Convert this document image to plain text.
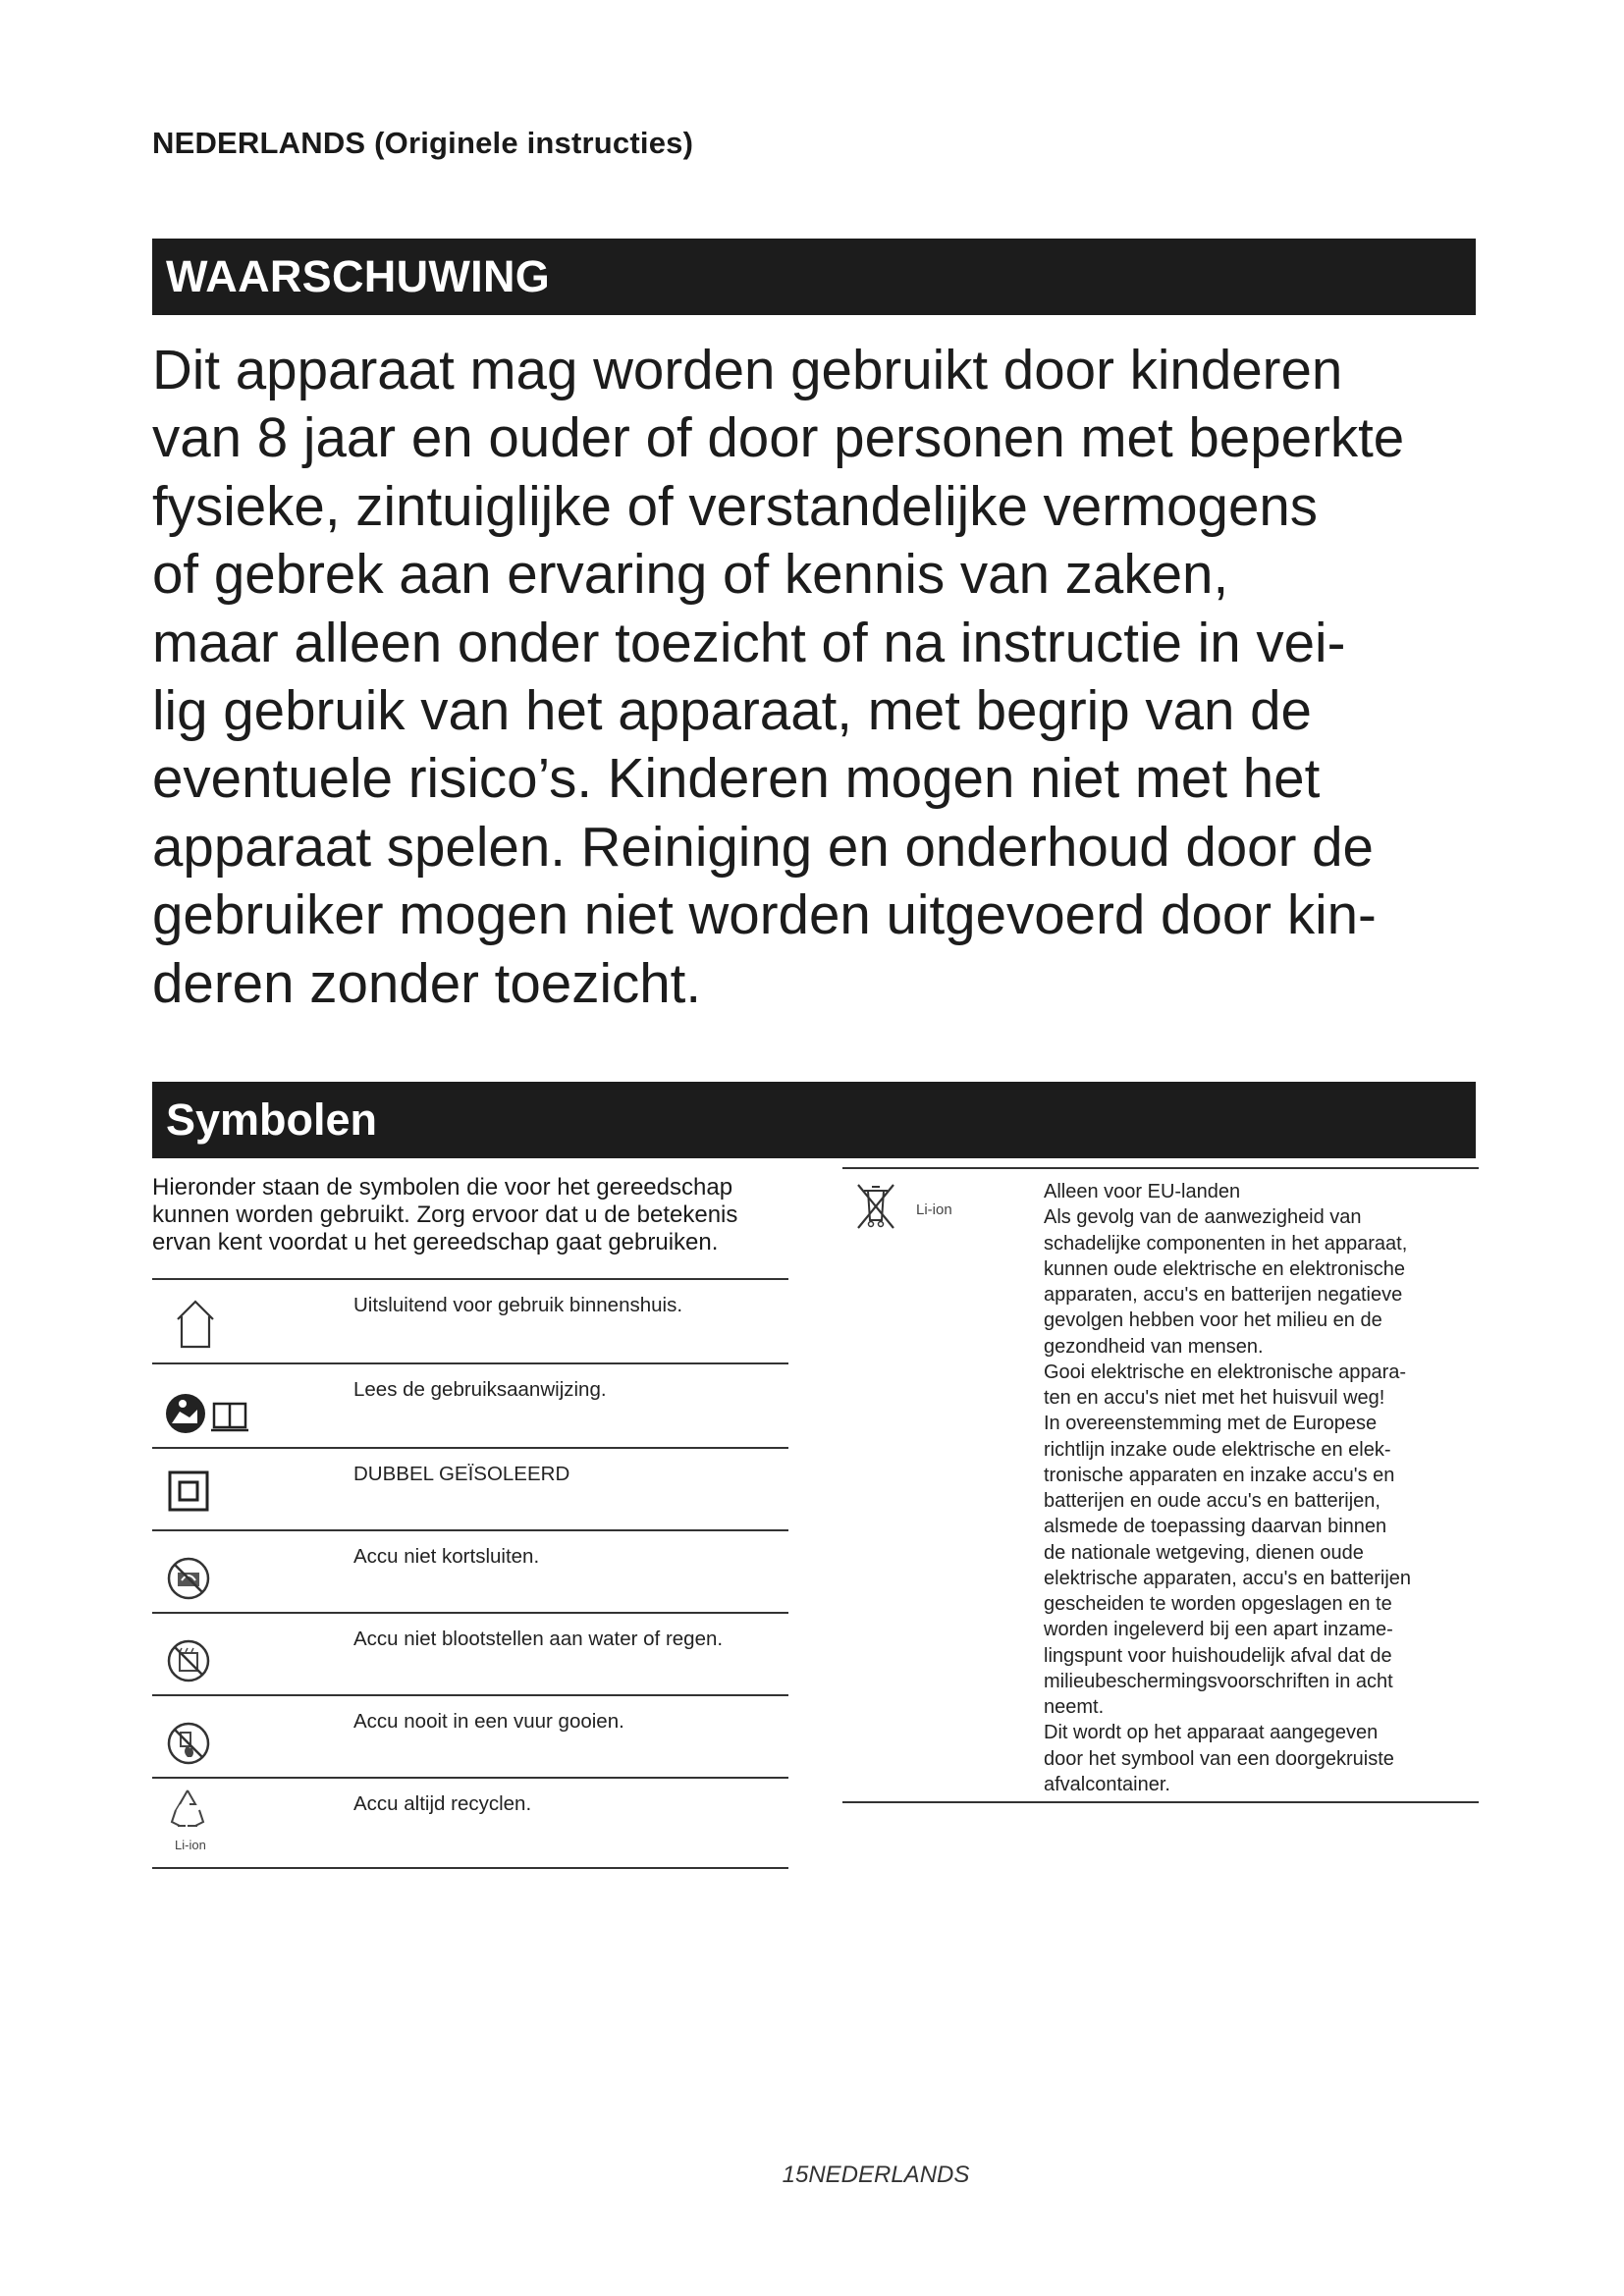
NEDERLANDS (Originele instructies)
WAARSCHUWING
Dit apparaat mag worden gebruikt door kinderen
van 8 jaar en ouder of door personen met beperkte
fysieke, zintuiglijke of verstandelijke vermogens
of gebrek aan ervaring of kennis van zaken,
maar alleen onder toezicht of na instructie in vei-
lig gebruik van het apparaat, met begrip van de
eventuele risico’s. Kinderen mogen niet met het
apparaat spelen. Reiniging en onderhoud door de
gebruiker mogen niet worden uitgevoerd door kin-
deren zonder toezicht.
Symbolen
Hieronder staan de symbolen die voor het gereedschap
kunnen worden gebruikt. Zorg ervoor dat u de betekenis
ervan kent voordat u het gereedschap gaat gebruiken.
Uitsluitend voor gebruik binnenshuis.
Lees de gebruiksaanwijzing.
DUBBEL GEÏSOLEERD
Accu niet kortsluiten.
Accu niet blootstellen aan water of regen.
Accu nooit in een vuur gooien.
Li-ion
Accu altijd recyclen.
Li-ion
Alleen voor EU-landen
Als gevolg van de aanwezigheid van
schadelijke componenten in het apparaat,
kunnen oude elektrische en elektronische
apparaten, accu's en batterijen negatieve
gevolgen hebben voor het milieu en de
gezondheid van mensen.
Gooi elektrische en elektronische appara-
ten en accu's niet met het huisvuil weg!
In overeenstemming met de Europese
richtlijn inzake oude elektrische en elek-
tronische apparaten en inzake accu's en
batterijen en oude accu's en batterijen,
alsmede de toepassing daarvan binnen
de nationale wetgeving, dienen oude
elektrische apparaten, accu's en batterijen
gescheiden te worden opgeslagen en te
worden ingeleverd bij een apart inzame-
lingspunt voor huishoudelijk afval dat de
milieubeschermingsvoorschriften in acht
neemt.
Dit wordt op het apparaat aangegeven
door het symbool van een doorgekruiste
afvalcontainer.
15NEDERLANDS
